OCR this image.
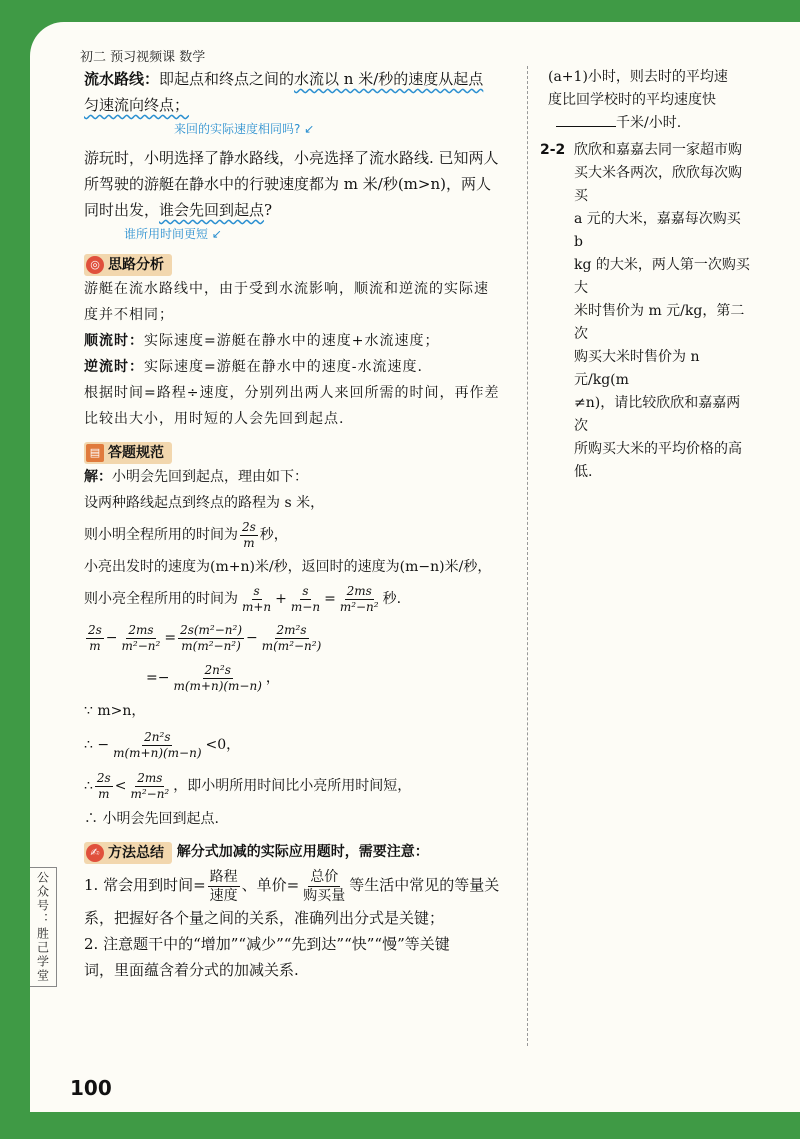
公众号：胜己学堂
初二 预习视频课 数学
100

流水路线：即起点和终点之间的水流以 n 米/秒的速度从起点

匀速流向终点；

来回的实际速度相同吗? ↙

游玩时，小明选择了静水路线，小亮选择了流水路线. 已知两人

所驾驶的游艇在静水中的行驶速度都为 m 米/秒(m>n)，两人

同时出发，谁会先回到起点?

谁所用时间更短 ↙

◎ 思路分析

游艇在流水路线中，由于受到水流影响，顺流和逆流的实际速

度并不相同；

顺流时：实际速度=游艇在静水中的速度+水流速度；

逆流时：实际速度=游艇在静水中的速度-水流速度.

根据时间=路程÷速度，分别列出两人来回所需的时间，再作差

比较出大小，用时短的人会先回到起点.

▤ 答题规范

解：小明会先回到起点，理由如下：

设两种路线起点到终点的路程为 s 米，

则小明全程所用的时间为 $\frac{2s}{m}$ 秒，

小亮出发时的速度为(m+n)米/秒，返回时的速度为(m−n)米/秒，

则小亮全程所用的时间为 $\frac{s}{m+n} + \frac{s}{m-n} = \frac{2ms}{\text{m²−n²}}$ 秒.

$\frac{2s}{m} - \frac{2ms}{\text{m²−n²}} = \frac{\text{2s(m²−n²)}}{\text{m(m²−n²)}} - \frac{\text{2m²s}}{\text{m(m²−n²)}}$

=− $\frac{\text{2n²s}}{m(m+n)(m-n)}$ ，

∵ m>n，

∴ − $\frac{\text{2n²s}}{m(m+n)(m-n)} <0$，

∴ $\frac{2s}{m} < \frac{2ms}{\text{m²−n²}}$ ，即小明所用时间比小亮所用时间短，

∴ 小明会先回到起点.

✍ 方法总结 解分式加减的实际应用题时，需要注意：

1. 常会用到时间= $\frac{\text{路程}}{\text{速度}}$ 、单价= $\frac{\text{总价}}{\text{购买量}}$ 等生活中常见的等量关

系，把握好各个量之间的关系，准确列出分式是关键；

2. 注意题干中的“增加”“减少”“先到达”“快”“慢”等关键

词，里面蕴含着分式的加减关系.

(a+1)小时，则去时的平均速

度比回学校时的平均速度快

千米/小时.

2-2 欣欣和嘉嘉去同一家超市购

买大米各两次，欣欣每次购买

a 元的大米，嘉嘉每次购买 b

kg 的大米，两人第一次购买大

米时售价为 m 元/kg，第二次

购买大米时售价为 n 元/kg(m

≠n)，请比较欣欣和嘉嘉两次

所购买大米的平均价格的高

低.
